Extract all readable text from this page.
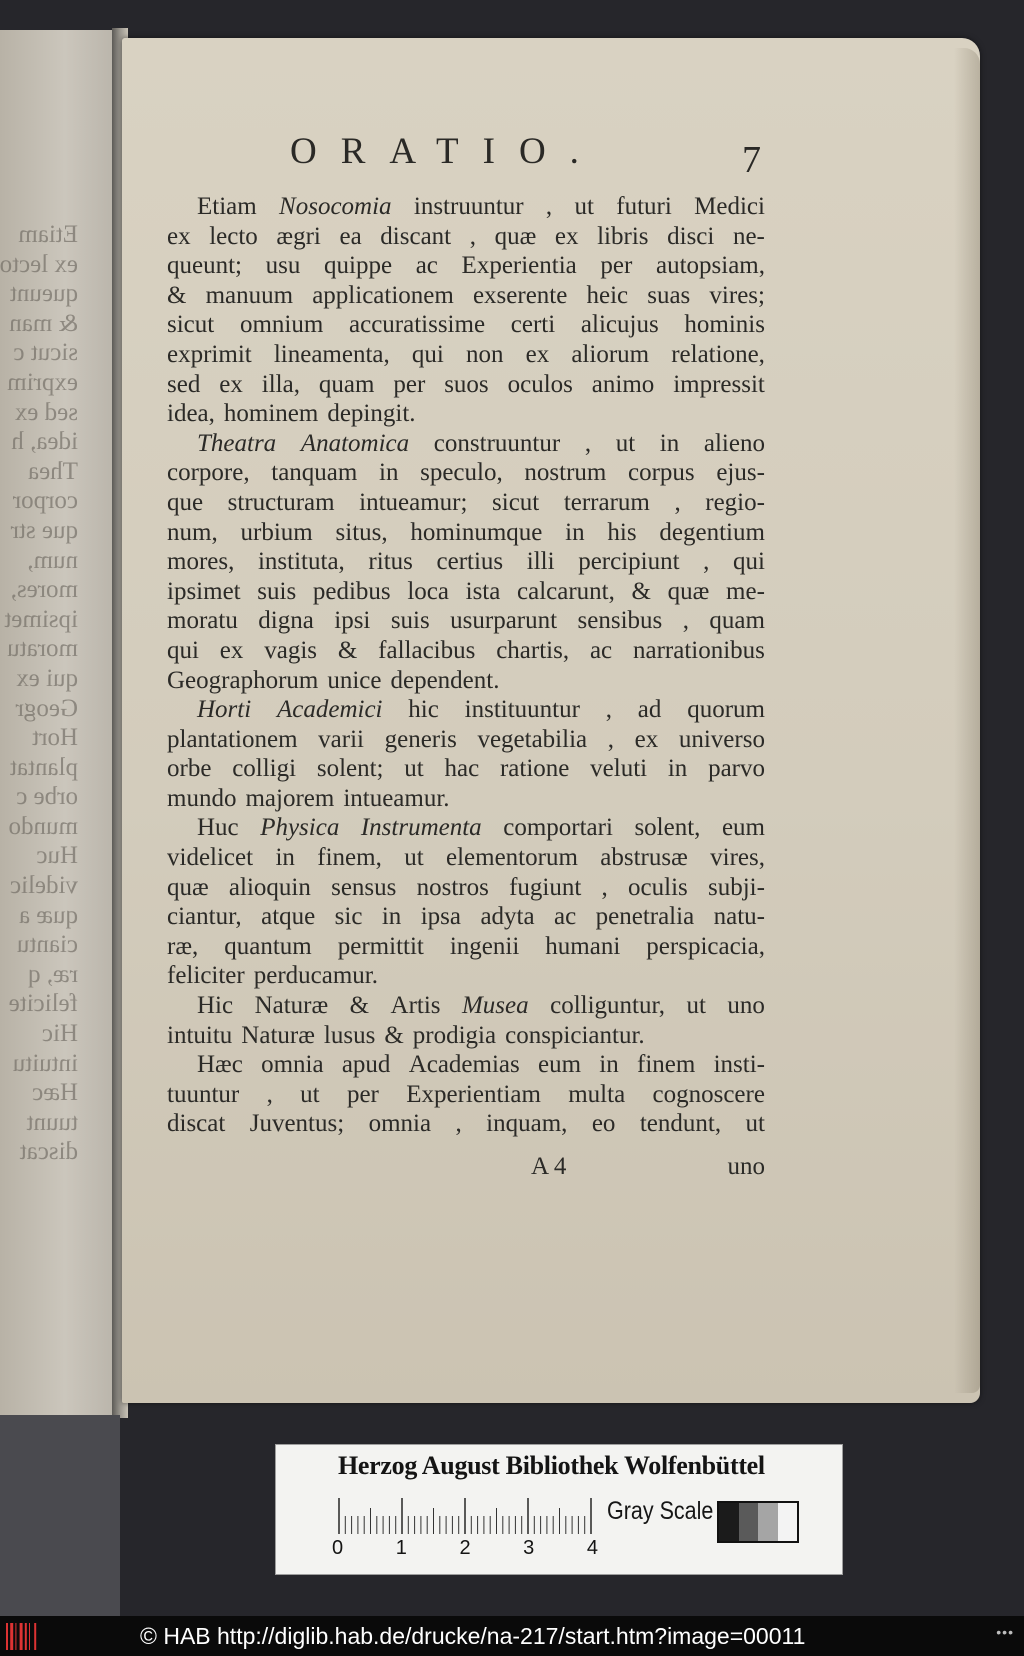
Etiam
ex lecto
queunt
& man
sicut c
exprim
sed ex
idea, h
Thea
corpor
que str
num,
mores,
ipsimet
moratu
qui ex
Geogr
Hort
plantat
orbe c
mundo
Huc
videlic
quæ a
ciantu
ræ, q
felicite
Hic
intuitu
Hæc
tuunt
discat
ORATIO.	7
Etiam Nosocomia instruuntur , ut futuri Medici
ex lecto ægri ea discant , quæ ex libris disci ne-
queunt; usu quippe ac Experientia per autopsiam,
& manuum applicationem exserente heic suas vires;
sicut omnium accuratissime certi alicujus hominis
exprimit lineamenta, qui non ex aliorum relatione,
sed ex illa, quam per suos oculos animo impressit
idea, hominem depingit.
Theatra Anatomica construuntur , ut in alieno
corpore, tanquam in speculo, nostrum corpus ejus-
que structuram intueamur; sicut terrarum , regio-
num, urbium situs, hominumque in his degentium
mores, instituta, ritus certius illi percipiunt , qui
ipsimet suis pedibus loca ista calcarunt, & quæ me-
moratu digna ipsi suis usurparunt sensibus , quam
qui ex vagis & fallacibus chartis, ac narrationibus
Geographorum unice dependent.
Horti Academici hic instituuntur , ad quorum
plantationem varii generis vegetabilia , ex universo
orbe colligi solent; ut hac ratione veluti in parvo
mundo majorem intueamur.
Huc Physica Instrumenta comportari solent, eum
videlicet in finem, ut elementorum abstrusæ vires,
quæ alioquin sensus nostros fugiunt , oculis subji-
ciantur, atque sic in ipsa adyta ac penetralia natu-
ræ, quantum permittit ingenii humani perspicacia,
feliciter perducamur.
Hic Naturæ & Artis Musea colliguntur, ut uno
intuitu Naturæ lusus & prodigia conspiciantur.
Hæc omnia apud Academias eum in finem insti-
tuuntur , ut per Experientiam multa cognoscere
discat Juventus; omnia , inquam, eo tendunt, ut
A 4	uno
Herzog August Bibliothek Wolfenbüttel
0	1	2	3	4
Gray Scale
© HAB http://diglib.hab.de/drucke/na-217/start.htm?image=00011	•••
